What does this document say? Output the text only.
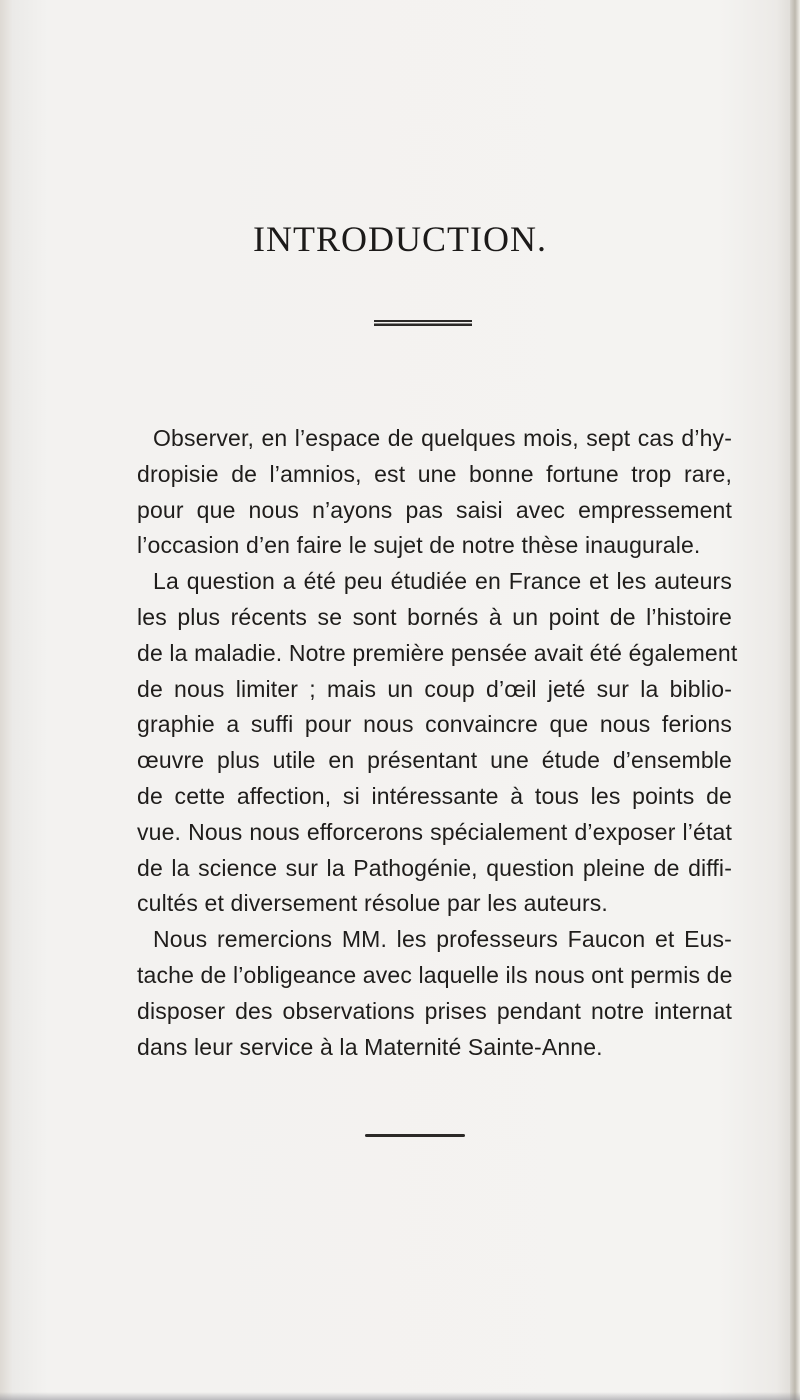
INTRODUCTION.

Observer, en l’espace de quelques mois, sept cas d’hy-
dropisie de l’amnios, est une bonne fortune trop rare,
pour que nous n’ayons pas saisi avec empressement
l’occasion d’en faire le sujet de notre thèse inaugurale.

La question a été peu étudiée en France et les auteurs
les plus récents se sont bornés à un point de l’histoire
de la maladie. Notre première pensée avait été également
de nous limiter ; mais un coup d’œil jeté sur la biblio-
graphie a suffi pour nous convaincre que nous ferions
œuvre plus utile en présentant une étude d’ensemble
de cette affection, si intéressante à tous les points de
vue. Nous nous efforcerons spécialement d’exposer l’état
de la science sur la Pathogénie, question pleine de diffi-
cultés et diversement résolue par les auteurs.

Nous remercions MM. les professeurs Faucon et Eus-
tache de l’obligeance avec laquelle ils nous ont permis de
disposer des observations prises pendant notre internat
dans leur service à la Maternité Sainte-Anne.
